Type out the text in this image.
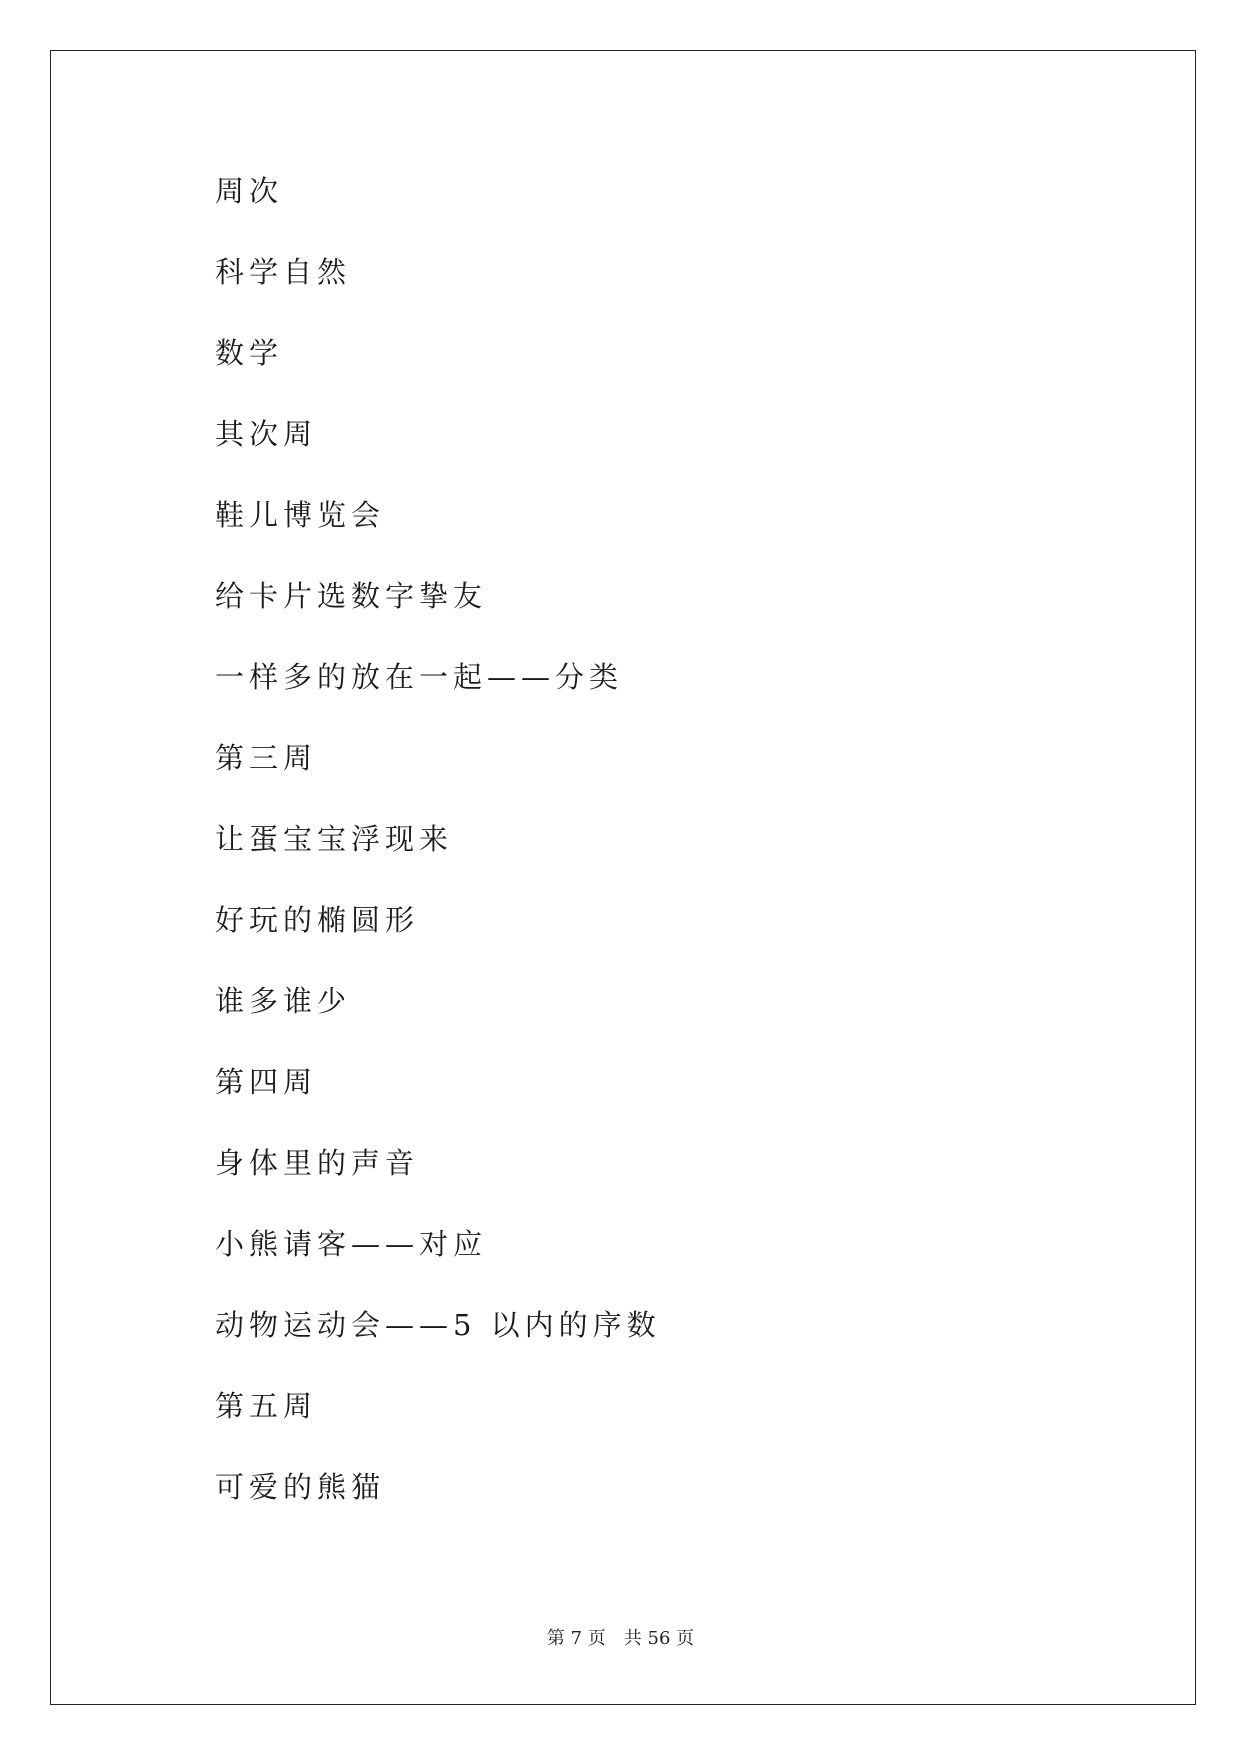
周次
科学自然
数学
其次周
鞋儿博览会
给卡片选数字挚友
一样多的放在一起——分类
第三周
让蛋宝宝浮现来
好玩的椭圆形
谁多谁少
第四周
身体里的声音
小熊请客——对应
动物运动会——5 以内的序数
第五周
可爱的熊猫
第 7 页 共 56 页
